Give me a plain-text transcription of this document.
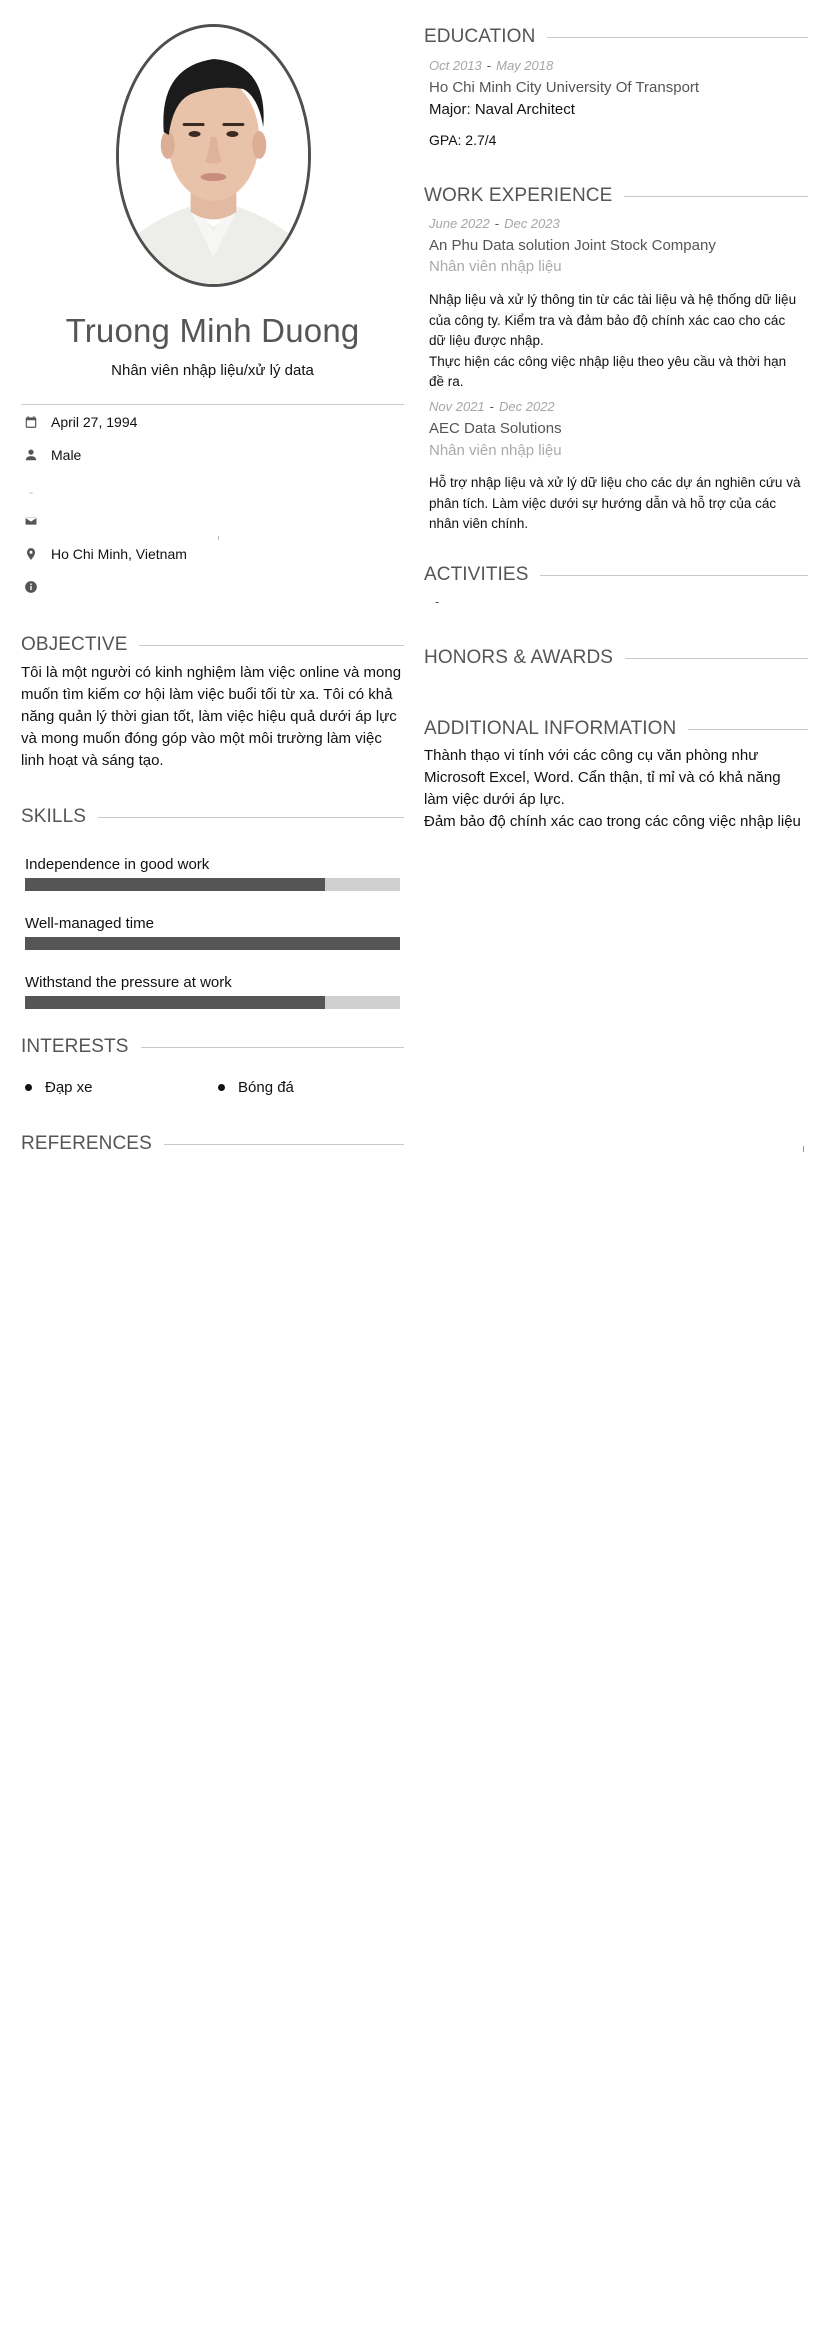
Truong Minh Duong
Nhân viên nhập liệu/xử lý data
April 27, 1994
Male
Ho Chi Minh, Vietnam
OBJECTIVE
Tôi là một người có kinh nghiệm làm việc online và mong muốn tìm kiếm cơ hội làm việc buổi tối từ xa. Tôi có khả năng quản lý thời gian tốt, làm việc hiệu quả dưới áp lực và mong muốn đóng góp vào một môi trường làm việc linh hoạt và sáng tạo.
SKILLS
Independence in good work
Well-managed time
Withstand the pressure at work
INTERESTS
Đạp xe	Bóng đá
REFERENCES
EDUCATION
Oct 2013 - May 2018
Ho Chi Minh City University Of Transport
Major: Naval Architect
GPA: 2.7/4
WORK EXPERIENCE
June 2022 - Dec 2023
An Phu Data solution Joint Stock Company
Nhân viên nhập liệu
Nhập liệu và xử lý thông tin từ các tài liệu và hệ thống dữ liệu của công ty. Kiểm tra và đảm bảo độ chính xác cao cho các dữ liệu được nhập.
Thực hiện các công việc nhập liệu theo yêu cầu và thời hạn đề ra.
Nov 2021 - Dec 2022
AEC Data Solutions
Nhân viên nhập liệu
Hỗ trợ nhập liệu và xử lý dữ liệu cho các dự án nghiên cứu và phân tích. Làm việc dưới sự hướng dẫn và hỗ trợ của các nhân viên chính.
ACTIVITIES
-
HONORS & AWARDS
ADDITIONAL INFORMATION
Thành thạo vi tính với các công cụ văn phòng như Microsoft Excel, Word. Cẩn thận, tỉ mỉ và có khả năng làm việc dưới áp lực.
Đảm bảo độ chính xác cao trong các công việc nhập liệu
